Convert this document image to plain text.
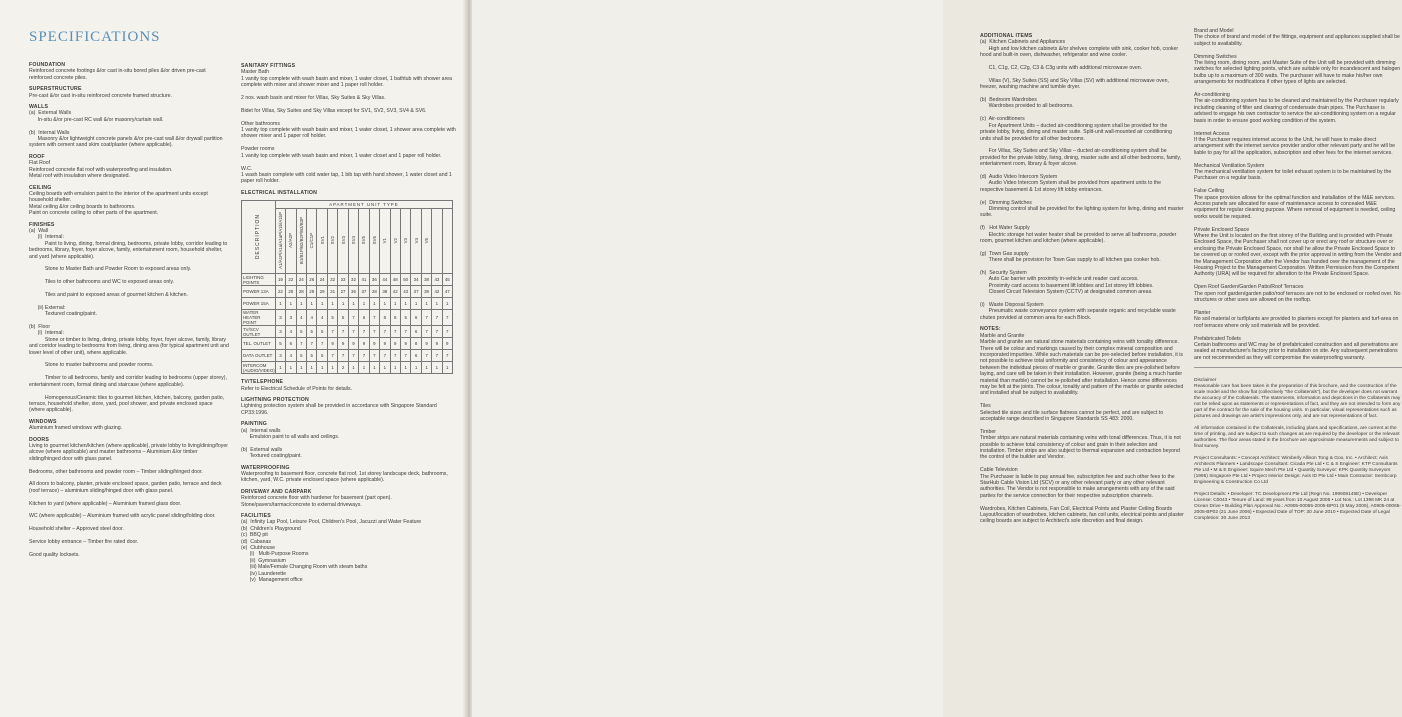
SPECIFICATIONS
FOUNDATION
Reinforced concrete footings &/or cast in-situ bored piles &/or driven pre-cast reinforced concrete piles.
SUPERSTRUCTURE
Pre-cast &/or cast in-situ reinforced concrete framed structure.
WALLS
(a)  External Walls
In-situ &/or pre-cast RC wall &/or masonry/curtain wall.

(b)  Internal Walls
Masonry &/or lightweight concrete panels &/or pre-cast wall &/or drywall partition system with cement sand skim coat/plaster (where applicable).
ROOF
Flat Roof
Reinforced concrete flat roof with waterproofing and insulation.
Metal roof with insulation where designated.
CEILING
Ceiling boards with emulsion paint to the interior of the apartment units except household shelter.
Metal ceiling &/or ceiling boards to bathrooms.
Paint on concrete ceiling to other parts of the apartment.
FINISHES
(a)  Wall
(i)  Internal:
Paint to living, dining, formal dining, bedrooms, private lobby, corridor leading to bedrooms, library, foyer, foyer alcove, family, entertainment room, household shelter, and yard (where applicable).

Stone to Master Bath and Powder Room to exposed areas only.

Tiles to other bathrooms and WC to exposed areas only.

Tiles and paint to exposed areas of gourmet kitchen & kitchen.

(ii) External:
Textured coating/paint.

(b)  Floor
(i)  Internal:
Stone or timber to living, dining, private lobby, foyer, foyer alcove, family, library and corridor leading to bedrooms from living, dining area (for typical apartment unit and lower level of other unit), where applicable.

Stone to master bathrooms and powder rooms.

Timber to all bedrooms, family and corridor leading to bedrooms (upper storey), entertainment room, formal dining and staircase (where applicable).

Homogenous/Ceramic tiles to gourmet kitchen, kitchen, balcony, garden patio, terrace, household shelter, store, yard, pool shower, and private enclosed space (where applicable).
WINDOWS
Aluminium framed windows with glazing.
DOORS
Living to gourmet kitchen/kitchen (where applicable), private lobby to living/dining/foyer alcove (where applicable) and master bathrooms – Aluminium &/or timber sliding/hinged door with glass panel.

Bedrooms, other bathrooms and powder room – Timber sliding/hinged door.

All doors to balcony, planter, private enclosed space, garden patio, terrace and deck (roof terrace) – aluminium sliding/hinged door with glass panel.

Kitchen to yard (where applicable) – Aluminium framed glass door.

WC (where applicable) – Aluminium framed with acrylic panel sliding/folding door.

Household shelter – Approved steel door.

Service lobby entrance – Timber fire rated door.

Good quality locksets.
SANITARY FITTINGS
Master Bath
1 vanity top complete with wash basin and mixer, 1 water closet, 1 bathtub with shower area complete with mixer and shower mixer and 1 paper roll holder.

2 nos. wash basin and mixer for Villas, Sky Suites & Sky Villas.

Bidet for Villas, Sky Suites and Sky Villas except for SV1, SV2, SV3, SV4 & SV6.

Other bathrooms
1 vanity top complete with wash basin and mixer, 1 water closet, 1 shower area complete with shower mixer and 1 paper roll holder.

Powder rooms
1 vanity top complete with wash basin and mixer, 1 water closet and 1 paper roll holder.

W.C.
1 wash basin complete with cold water tap, 1 bib tap with hand shower, 1 water closet and 1 paper roll holder.
ELECTRICAL INSTALLATION
DESCRIPTION	APARTMENT UNIT TYPE																
	A1/A1P/A1a/A1aP/A1b/A1bP	A2/A2P	B1/B1P/B2/B2P/B3/B3P	C1/C1P	SV1	SV2	SV3	SV4	SV5	SV6	V1	V2	V3	V4	V5		
LIGHTING POINTS	19	22	24	26	24	32	33	32	41	36	44	48	50	34	38	43	45
POWER 13A	22	25	28	29	29	31	27	36	37	28	38	42	43	37	39	42	47
POWER 15A	1	1	1	1	1	1	1	1	1	1	1	1	1	1	1	1	1
WATER HEATER POINT	3	3	4	4	4	5	5	7	6	7	8	8	5	6	7	7	7
TV/SCV OUTLET	3	4	5	5	5	7	7	7	7	7	7	7	7	6	7	7	7
TEL. OUTLET	5	6	7	7	7	9	9	9	9	9	9	9	9	8	9	9	9
DATA OUTLET	3	4	5	5	5	7	7	7	7	7	7	7	7	6	7	7	7
INTERCOM (AUDIO/VIDEO)	1	1	1	1	1	1	2	1	1	1	1	1	1	1	1	1	1
TV/TELEPHONE
Refer to Electrical Schedule of Points for details.
LIGHTNING PROTECTION
Lightning protection system shall be provided in accordance with Singapore Standard CP33:1996.
PAINTING
(a)  Internal walls
Emulsion paint to all walls and ceilings.

(b)  External walls
Textured coating/paint.
WATERPROOFING
Waterproofing to basement floor, concrete flat roof, 1st storey landscape deck, bathrooms, kitchen, yard, W.C. private enclosed space (where applicable).
DRIVEWAY AND CARPARK
Reinforced concrete floor with hardener for basement (part open).
Stone/pavers/tarmac/concrete to external driveways.
FACILITIES
(a)  Infinity Lap Pool, Leisure Pool, Children's Pool, Jacuzzi and Water Feature
(b)  Children's Playground
(c)  BBQ pit
(d)  Cabanas
(e)  Clubhouse
(i)   Multi-Purpose Rooms
(ii)  Gymnasium
(iii) Male/Female Changing Room with steam baths
(iv) Launderette
(v)  Management office
ADDITIONAL ITEMS
(a)  Kitchen Cabinets and Appliances
High and low kitchen cabinets &/or shelves complete with sink, cooker hob, cooker hood and built-in oven, dishwasher, refrigerator and wine cooler.

C1, C1g, C2, C2g, C3 & C3g units with additional microwave oven.

Villas (V), Sky Suites (SS) and Sky Villas (SV) with additional microwave oven, freezer, washing machine and tumble dryer.

(b)  Bedroom Wardrobes
Wardrobes provided to all bedrooms.

(c)  Air-conditioners
For Apartment Units – ducted air-conditioning system shall be provided for the private lobby, living, dining and master suite. Split-unit wall-mounted air conditioning units shall be provided for all other bedrooms.

For Villas, Sky Suites and Sky Villas – ducted air-conditioning system shall be provided for the private lobby, living, dining, master suite and all other bedrooms, family, entertainment room, library & foyer alcove.

(d)  Audio Video Intercom System
Audio Video Intercom System shall be provided from apartment units to the respective basement & 1st storey lift lobby entrances.

(e)  Dimming Switches
Dimming control shall be provided for the lighting system for living, dining and master suite.

(f)   Hot Water Supply
Electric storage hot water heater shall be provided to serve all bathrooms, powder room, gourmet kitchen and kitchen (where applicable).

(g)  Town Gas supply
There shall be provision for Town Gas supply to all kitchen gas cooker hob.

(h)  Security System
Auto Car barrier with proximity in-vehicle unit reader card access.
Proximity card access to basement lift lobbies and 1st storey lift lobbies.
Closed Circuit Television System (CCTV) at designated common areas.

(i)   Waste Disposal System
Pneumatic waste conveyance system with separate organic and recyclable waste chutes provided at common area for each Block.
NOTES:
Marble and Granite
Marble and granite are natural stone materials containing veins with tonality difference. There will be colour and markings caused by their complex mineral composition and incorporated impurities. While such materials can be pre-selected before installation, it is not possible to achieve total uniformity and consistency of colour and appearance between the individual pieces of marble or granite. Granite tiles are pre-polished before laying, and care will be taken in their installation. However, granite (being a much harder material than marble) cannot be re-polished after installation. Hence some differences may be felt at the joints. The colour, tonality and pattern of the marble or granite selected and installed shall be subject to availability.

Tiles
Selected tile sizes and tile surface flatness cannot be perfect, and are subject to acceptable range described in Singapore Standards SS 483: 2000.

Timber
Timber strips are natural materials containing veins with tonal differences. Thus, it is not possible to achieve total consistency of colour and grain in their selection and installation. Timber strips are also subject to thermal expansion and contraction beyond the control of the builder and Vendor.

Cable Television
The Purchaser is liable to pay annual fee, subscription fee and such other fees to the StarHub Cable Vision Ltd (SCV) or any other relevant party or any other relevant authorities. The Vendor is not responsible to make arrangements with any of the said parties for the service connection for their respective subscription channels.

Wardrobes, Kitchen Cabinets, Fan Coil, Electrical Points and Plaster Ceiling Boards
Layout/location of wardrobes, kitchen cabinets, fan coil units, electrical points and plaster ceiling boards are subject to Architect's sole discretion and final design.
Brand and Model
The choice of brand and model of the fittings, equipment and appliances supplied shall be subject to availability.

Dimming Switches
The living room, dining room, and Master Suite of the Unit will be provided with dimming switches for selected lighting points, which are suitable only for incandescent and halogen bulbs up to a maximum of 300 watts. The purchaser will have to make his/her own arrangements for modifications if other types of lights are selected.

Air-conditioning
The air-conditioning system has to be cleaned and maintained by the Purchaser regularly including cleaning of filter and clearing of condensate drain pipes. The Purchaser is advised to engage his own contractor to service the air-conditioning system on a regular basis in order to ensure good working condition of the system.

Internet Access
If the Purchaser requires internet access to the Unit, he will have to make direct arrangement with the internet service provider and/or other relevant party and he will be liable to pay for all the application, subscription and other fees for the internet services.

Mechanical Ventilation System
The mechanical ventilation system for toilet exhaust system is to be maintained by the Purchaser on a regular basis.

False Ceiling
The space provision allows for the optimal function and installation of the M&E services. Access panels are allocated for ease of maintenance access to concealed M&E equipment for regular cleaning purpose. Where removal of equipment is needed, ceiling works would be required.

Private Enclosed Space
Where the Unit is located on the first storey of the Building and is provided with Private Enclosed Space, the Purchaser shall not cover up or erect any roof or structure over or enclosing the Private Enclosed Space, nor shall he allow the Private Enclosed Space to be covered up or roofed over, except with the prior approval in writing from the Vendor and the Management Corporation after the Vendor has handed over the management of the Housing Project to the Management Corporation. Written Permission from the Competent Authority (URA) will be required for alteration to the Private Enclosed Space.

Open Roof Garden/Garden Patio/Roof Terraces
The open roof garden/garden patio/roof terraces are not to be enclosed or roofed over. No structures or other uses are allowed on the rooftop.

Planter
No soil material or turf/plants are provided to planters except for planters and turf-area on roof terraces where only soil materials will be provided.

Prefabricated Toilets
Certain bathrooms and WC may be of prefabricated construction and all penetrations are sealed at manufacturer's factory prior to installation on site. Any subsequent penetrations are not recommended as they will compromise the waterproofing warranty.
Disclaimer
Reasonable care has been taken in the preparation of this brochure, and the construction of the scale model and the show flat (collectively "the Collaterals"), but the developer does not warrant the accuracy of the Collaterals. The statements, information and depictions in the Collaterals may not be relied upon as statements or representations of fact, and they are not intended to form any part of the contract for the sale of the housing units. In particular, visual representations such as pictures and drawings are artist's impressions only, and are not representations of fact.

All information contained in the Collaterals, including plans and specifications, are current at the time of printing, and are subject to such changes as are required by the developer or the relevant authorities. The floor areas stated in the brochure are approximate measurements and subject to final survey.

Project Consultants: • Concept Architect: Wimberly Allison Tong & Goo, Inc. • Architect: Axis Architects Planners • Landscape Consultant: Cicada Pte Ltd • C & S Engineer: KTP Consultants Pte Ltd • M & E Engineer: Squire Mech Pte Ltd • Quantity Surveyor: KPK Quantity Surveyors (1995) Singapore Pte Ltd • Project Interior Design: Axis ID Pte Ltd • Main Contractor: Sembcorp Engineering & Construction Co Ltd

Project Details: • Developer: TC Development Pte Ltd (Regn No. 199608145E) • Developer License: C0043 • Tenure of Land: 99 years from 10 August 2005 • Lot Nos.: Lot 1398 MK 24 at Ocean Drive • Building Plan Approval No.: A0905-00065-2005-BP01 (8 May 2006), A0905-00065-2005-BP02 (21 June 2006) • Expected Date of TOP: 30 June 2010 • Expected Date of Legal Completion: 30 June 2013
